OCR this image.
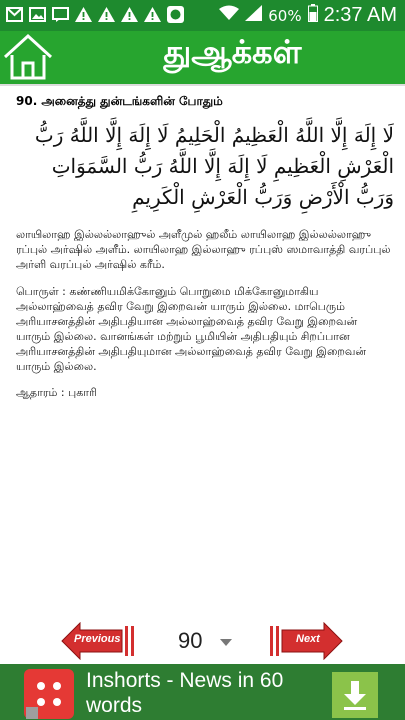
60% 2:37 AM
துஆக்கள்
90. அனைத்து துன்டங்களின் போதும்
لَا إِلَهَ إِلَّا اللَّهُ الْعَظِيمُ الْحَلِيمُ لَا إِلَهَ إِلَّا اللَّهُ رَبُّ الْعَرْشِ الْعَظِيمِ لَا إِلَهَ إِلَّا اللَّهُ رَبُّ السَّمَوَاتِ وَرَبُّ الْأَرْضِ وَرَبُّ الْعَرْشِ الْكَرِيمِ
லாயிலாஹ இல்லல்லாஹுல் அளீமுல் ஹலீம் லாயிலாஹ இல்லல்லாஹு ரப்புல் அர்ஷில் அளீம். லாயிலாஹ இல்லாஹு ரப்புஸ் ஸமாவாத்தி வரப்புல் அர்ளி வரப்புல் அர்ஷில் கரீம்.
பொருள் : கண்ணியமிக்கோனும் பொறுமை மிக்கோனுமாகிய அல்லாஹ்வைத் தவிர வேறு இறைவன் யாரும் இல்லை. மாபெரும் அரியாசனத்தின் அதிபதியான அல்லாஹ்வைத் தவிர வேறு இறைவன் யாரும் இல்லை. வானங்கள் மற்றும் பூமியின் அதிபதியும் சிறப்பான அரியாசனத்தின் அதிபதியுமான அல்லாஹ்வைத் தவிர வேறு இறைவன் யாரும் இல்லை.
ஆதாரம் : புகாரி
Previous	90	Next
Inshorts - News in 60 words
